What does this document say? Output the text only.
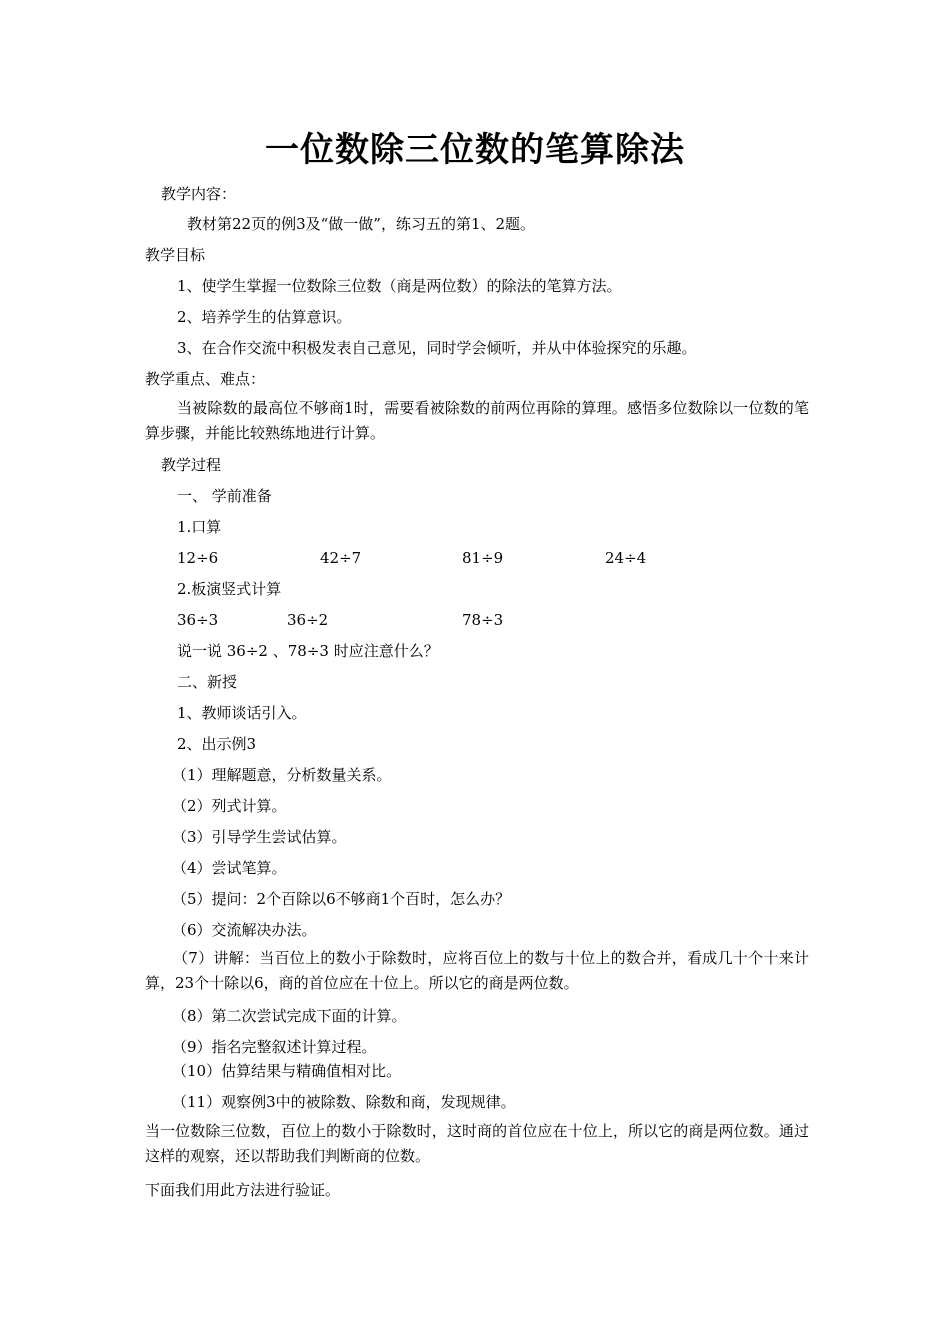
一位数除三位数的笔算除法
教学内容：
教材第22页的例3及“做一做”，练习五的第1、2题。
教学目标
1、使学生掌握一位数除三位数（商是两位数）的除法的笔算方法。
2、培养学生的估算意识。
3、在合作交流中积极发表自己意见，同时学会倾听，并从中体验探究的乐趣。
教学重点、难点：
当被除数的最高位不够商1时，需要看被除数的前两位再除的算理。感悟多位数除以一位数的笔算步骤，并能比较熟练地进行计算。
教学过程
一、 学前准备
1.口算
12÷6	42÷7	81÷9	24÷4
2.板演竖式计算
36÷3	36÷2	78÷3
说一说 36÷2 、78÷3 时应注意什么？
二、新授
1、教师谈话引入。
2、出示例3
（1）理解题意，分析数量关系。
（2）列式计算。
（3）引导学生尝试估算。
（4）尝试笔算。
（5）提问：2个百除以6不够商1个百时，怎么办？
（6）交流解决办法。
（7）讲解：当百位上的数小于除数时，应将百位上的数与十位上的数合并，看成几十个十来计算，23个十除以6，商的首位应在十位上。所以它的商是两位数。
（8）第二次尝试完成下面的计算。
（9）指名完整叙述计算过程。
（10）估算结果与精确值相对比。
（11）观察例3中的被除数、除数和商，发现规律。
当一位数除三位数，百位上的数小于除数时，这时商的首位应在十位上，所以它的商是两位数。通过这样的观察，还以帮助我们判断商的位数。
下面我们用此方法进行验证。
